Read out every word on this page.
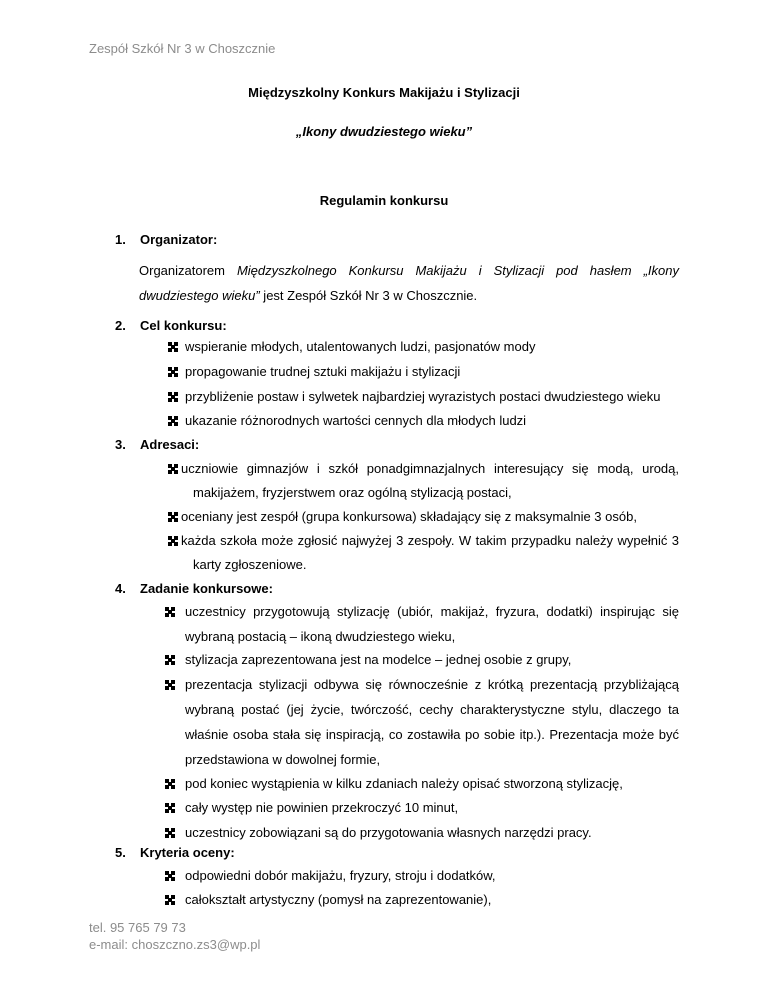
Zespół Szkół Nr 3 w Choszcznie
Międzyszkolny Konkurs Makijażu i Stylizacji
„Ikony dwudziestego wieku”
Regulamin konkursu
1. Organizator:
Organizatorem Międzyszkolnego Konkursu Makijażu i Stylizacji pod hasłem „Ikony
dwudziestego wieku” jest Zespół Szkół Nr 3 w Choszcznie.
2. Cel konkursu:
wspieranie młodych, utalentowanych ludzi, pasjonatów mody
propagowanie trudnej sztuki makijażu i stylizacji
przybliżenie postaw i sylwetek najbardziej wyrazistych postaci dwudziestego wieku
ukazanie różnorodnych wartości cennych dla młodych ludzi
3. Adresaci:
uczniowie gimnazjów i szkół ponadgimnazjalnych interesujący się modą, urodą,
makijażem, fryzjerstwem oraz ogólną stylizacją postaci,
oceniany jest zespół (grupa konkursowa) składający się z maksymalnie 3 osób,
każda szkoła może zgłosić najwyżej 3 zespoły. W takim przypadku należy wypełnić 3
karty zgłoszeniowe.
4. Zadanie konkursowe:
uczestnicy przygotowują stylizację (ubiór, makijaż, fryzura, dodatki) inspirując się
wybraną postacią – ikoną dwudziestego wieku,
stylizacja zaprezentowana jest na modelce – jednej osobie z grupy,
prezentacja stylizacji odbywa się równocześnie z krótką prezentacją przybliżającą
wybraną postać (jej życie, twórczość, cechy charakterystyczne stylu, dlaczego ta
właśnie osoba stała się inspiracją, co zostawiła po sobie itp.). Prezentacja może być
przedstawiona w dowolnej formie,
pod koniec wystąpienia w kilku zdaniach należy opisać stworzoną stylizację,
cały występ nie powinien przekroczyć 10 minut,
uczestnicy zobowiązani są do przygotowania własnych narzędzi pracy.
5. Kryteria oceny:
odpowiedni dobór makijażu, fryzury, stroju i dodatków,
całokształt artystyczny (pomysł na zaprezentowanie),
tel. 95 765 79 73
e-mail: choszczno.zs3@wp.pl
